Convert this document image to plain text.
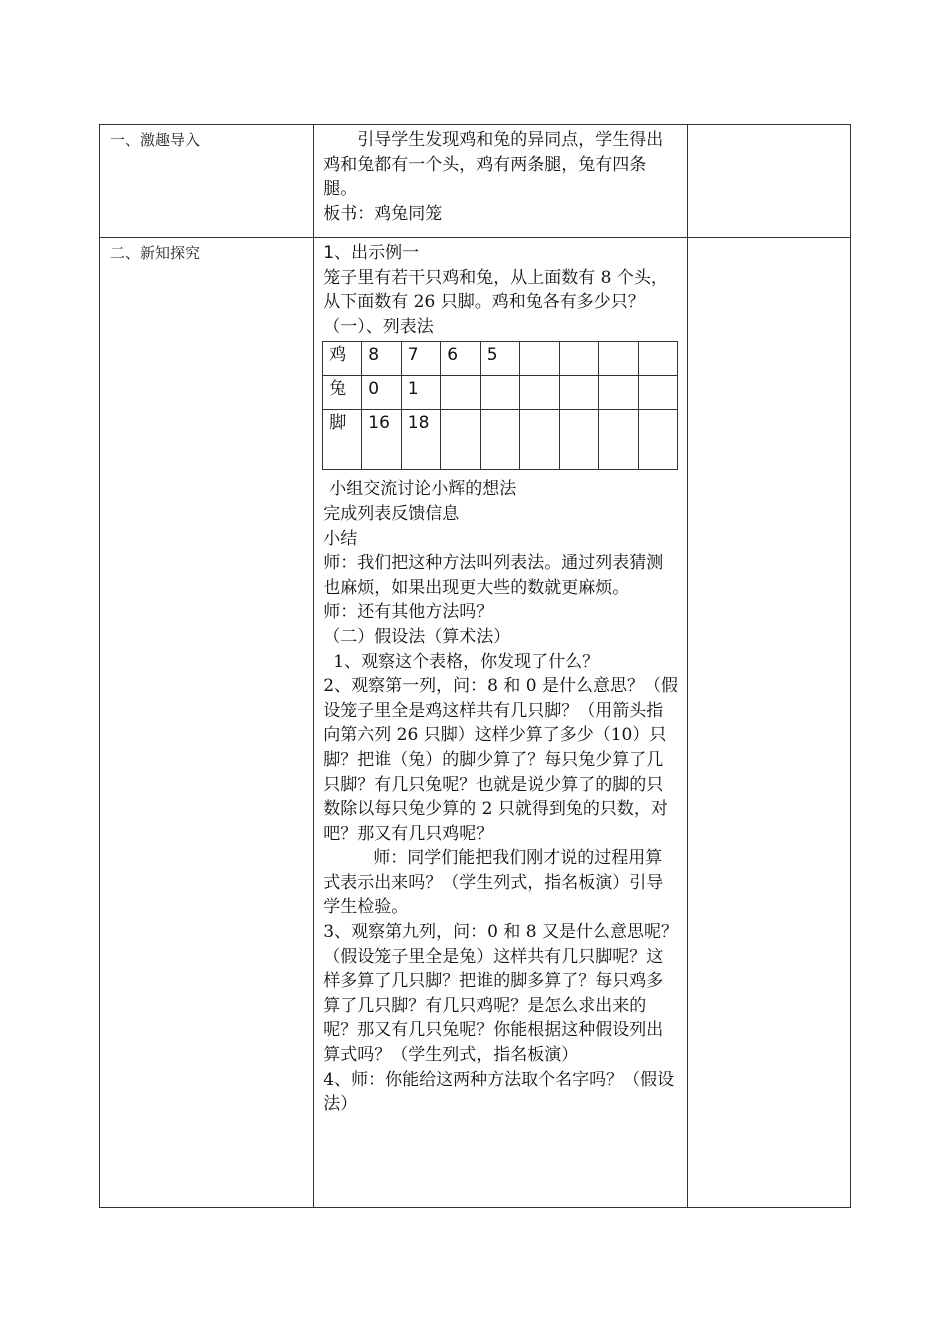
一、激趣导入	引导学生发现鸡和兔的异同点，学生得出鸡和兔都有一个头，鸡有两条腿，兔有四条腿。

板书：鸡兔同笼

二、新知探究	1、出示例一

笼子里有若干只鸡和兔，从上面数有 8 个头，从下面数有 26 只脚。鸡和兔各有多少只？

（一）、列表法

鸡	8	7	6	5				
兔	0	1						
脚	16	18						

小组交流讨论小辉的想法

完成列表反馈信息

小结

师：我们把这种方法叫列表法。通过列表猜测也麻烦，如果出现更大些的数就更麻烦。

师：还有其他方法吗？

（二）假设法（算术法）

1、观察这个表格，你发现了什么？

2、观察第一列，问：8 和 0 是什么意思？（假设笼子里全是鸡这样共有几只脚？（用箭头指向第六列 26 只脚）这样少算了多少（10）只脚？把谁（兔）的脚少算了？每只兔少算了几只脚？有几只兔呢？也就是说少算了的脚的只数除以每只兔少算的 2 只就得到兔的只数，对吧？那又有几只鸡呢？

师：同学们能把我们刚才说的过程用算式表示出来吗？（学生列式，指名板演）引导学生检验。

3、观察第九列，问：0 和 8 又是什么意思呢？（假设笼子里全是兔）这样共有几只脚呢？这样多算了几只脚？把谁的脚多算了？每只鸡多算了几只脚？有几只鸡呢？是怎么求出来的呢？那又有几只兔呢？你能根据这种假设列出算式吗？（学生列式，指名板演）

4、师：你能给这两种方法取个名字吗？（假设法）
